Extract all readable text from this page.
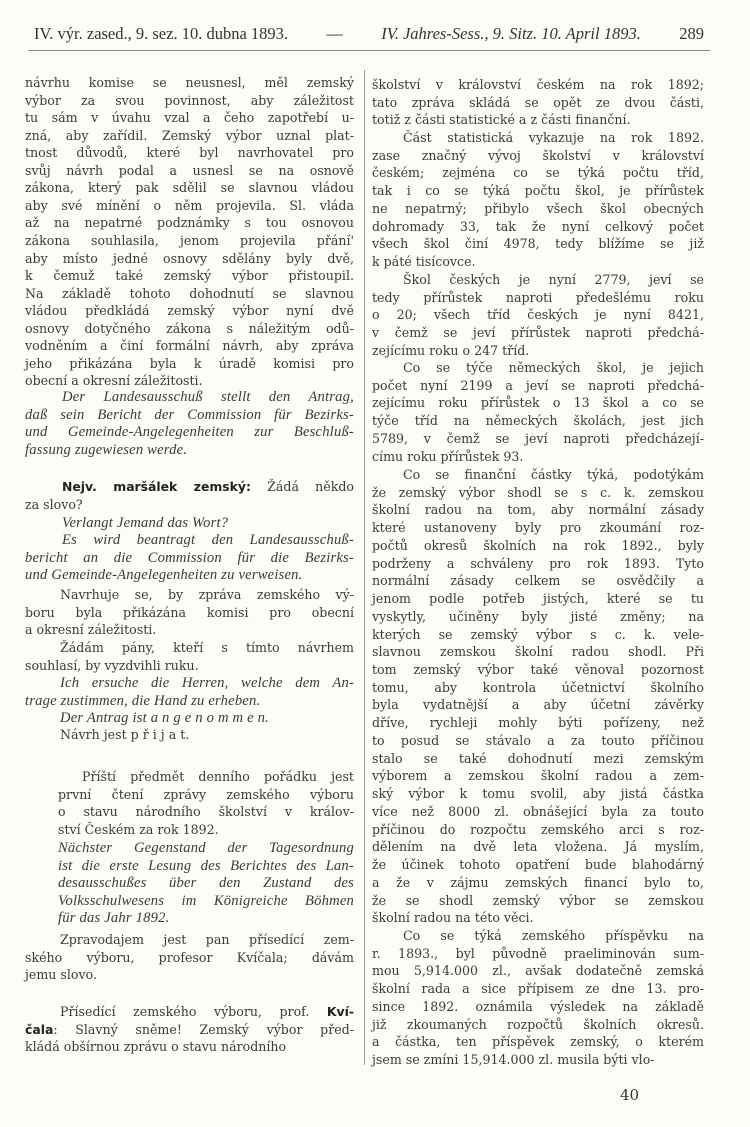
IV. výr. zased., 9. sez. 10. dubna 1893. — IV. Jahres-Sess., 9. Sitz. 10. April 1893. 289
návrhu komise se neusnesl, měl zemský
výbor za svou povinnost, aby záležitost
tu sám v úvahu vzal a čeho zapotřebí u-
zná, aby zařídil. Zemský výbor uznal plat-
tnost důvodů, které byl navrhovatel pro
svůj návrh podal a usnesl se na osnově
zákona, který pak sdělil se slavnou vládou
aby své mínění o něm projevila. Sl. vláda
až na nepatrné podznámky s tou osnovou
zákona souhlasila, jenom projevila přání'
aby místo jedné osnovy sdělány byly dvě,
k čemuž také zemský výbor přistoupil.
Na základě tohoto dohodnutí se slavnou
vládou předkládá zemský výbor nyní dvě
osnovy dotyčného zákona s náležitým odů-
vodněním a činí formální návrh, aby zpráva
jeho přikázána byla k úradě komisi pro
obecní a okresní záležitosti.
Der Landesausschuß stellt den Antrag,
daß sein Bericht der Commission für Bezirks-
und Gemeinde-Angelegenheiten zur Beschluß-
fassung zugewiesen werde.
Nejv. maršálek zemský: Žádá někdo
za slovo?
Verlangt Jemand das Wort?
Es wird beantragt den Landesausschuß-
bericht an die Commission für die Bezirks-
und Gemeinde-Angelegenheiten zu verweisen.
Navrhuje se, by zpráva zemského vý-
boru byla přikázána komisi pro obecní
a okresní záležitosti.
Žádám pány, kteří s tímto návrhem
souhlasí, by vyzdvihli ruku.
Ich ersuche die Herren, welche dem An-
trage zustimmen, die Hand zu erheben.
Der Antrag ist a n g e n o m m e n.
Návrh jest p ř i j a t.
Příští předmět denního pořádku jest
první čtení zprávy zemského výboru
o stavu národního školství v králov-
ství Českém za rok 1892.
Nächster Gegenstand der Tagesordnung
ist die erste Lesung des Berichtes des Lan-
desausschußes über den Zustand des
Volksschulwesens im Königreiche Böhmen
für das Jahr 1892.
Zpravodajem jest pan přísedící zem-
ského výboru, profesor Kvíčala; dávám
jemu slovo.
Přísedící zemského výboru, prof. Kví-
čala: Slavný sněme! Zemský výbor před-
kládá obšírnou zprávu o stavu národního
školství v království českém na rok 1892;
tato zpráva skládá se opět ze dvou části,
totiž z části statistické a z části finanční.
Část statistická vykazuje na rok 1892.
zase značný vývoj školství v království
českém; zejména co se týká počtu tříd,
tak i co se týká počtu škol, je přírůstek
ne nepatrný; přibylo všech škol obecných
dohromady 33, tak že nyní celkový počet
všech škol činí 4978, tedy blížíme se již
k páté tisícovce.
Škol českých je nyní 2779, jeví se
tedy přírůstek naproti předešlému roku
o 20; všech tříd českých je nyní 8421,
v čemž se jeví přírůstek naproti předchá-
zejícímu roku o 247 tříd.
Co se týče německých škol, je jejich
počet nyní 2199 a jeví se naproti předchá-
zejícímu roku přírůstek o 13 škol a co se
týče tříd na německých školách, jest jich
5789, v čemž se jeví naproti předcházejí-
címu roku přírůstek 93.
Co se finanční částky týká, podotýkám
že zemský výbor shodl se s c. k. zemskou
školní radou na tom, aby normální zásady
které ustanoveny byly pro zkoumání roz-
počtů okresů školních na rok 1892., byly
podrženy a schváleny pro rok 1893. Tyto
normální zásady celkem se osvědčily a
jenom podle potřeb jistých, které se tu
vyskytly, učiněny byly jisté změny; na
kterých se zemský výbor s c. k. vele-
slavnou zemskou školní radou shodl. Při
tom zemský výbor také věnoval pozornost
tomu, aby kontrola účetnictví školního
byla vydatnější a aby účetní závěrky
dříve, rychleji mohly býti pořízeny, než
to posud se stávalo a za touto příčinou
stalo se také dohodnutí mezi zemským
výborem a zemskou školní radou a zem-
ský výbor k tomu svolil, aby jistá částka
více než 8000 zl. obnášející byla za touto
příčinou do rozpočtu zemského arci s roz-
dělením na dvě leta vložena. Já myslím,
že účinek tohoto opatření bude blahodárný
a že v zájmu zemských financí bylo to,
že se shodl zemský výbor se zemskou
školní radou na této věci.
Co se týká zemského příspěvku na
r. 1893., byl původně praeliminován sum-
mou 5,914.000 zl., avšak dodatečně zemská
školní rada a sice přípisem ze dne 13. pro-
since 1892. oznámila výsledek na základě
již zkoumaných rozpočtů školních okresů.
a částka, ten příspěvek zemský, o kterém
jsem se zmíni 15,914.000 zl. musila býti vlo-
40
